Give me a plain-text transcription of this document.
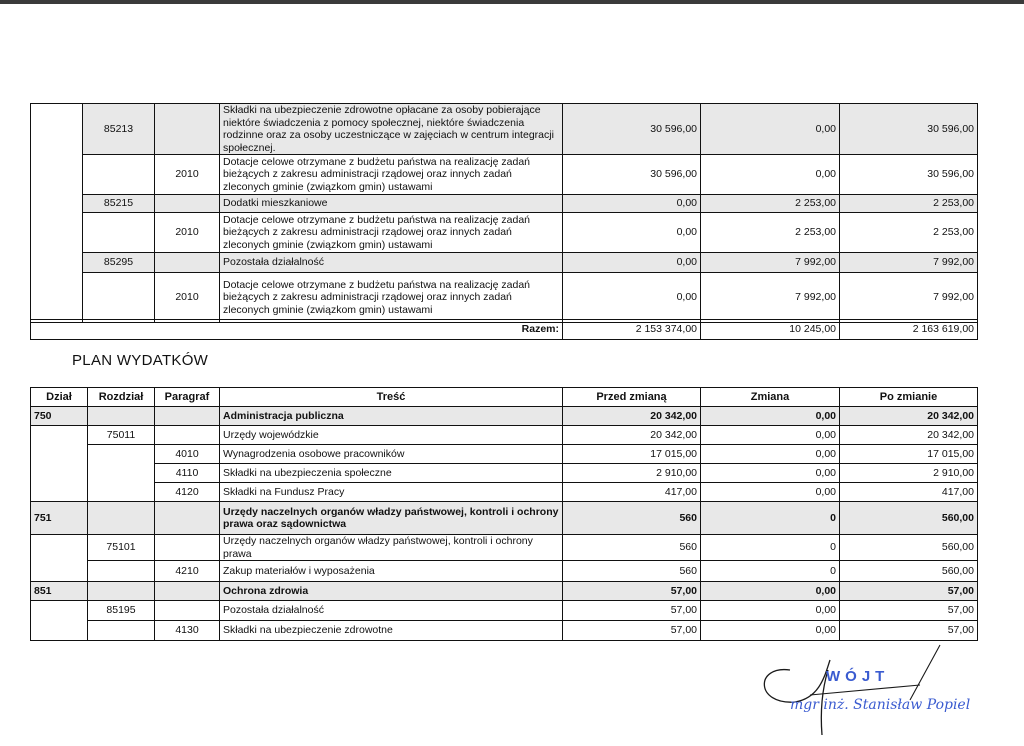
	85213		Składki na ubezpieczenie zdrowotne opłacane za osoby pobierające niektóre świadczenia z pomocy społecznej, niektóre świadczenia rodzinne oraz za osoby uczestniczące w zajęciach w centrum integracji społecznej.	30 596,00	0,00	30 596,00
		2010	Dotacje celowe otrzymane z budżetu państwa na realizację zadań bieżących z zakresu administracji rządowej oraz innych zadań zleconych gminie (związkom gmin) ustawami	30 596,00	0,00	30 596,00
	85215		Dodatki mieszkaniowe	0,00	2 253,00	2 253,00
		2010	Dotacje celowe otrzymane z budżetu państwa na realizację zadań bieżących z zakresu administracji rządowej oraz innych zadań zleconych gminie (związkom gmin) ustawami	0,00	2 253,00	2 253,00
	85295		Pozostała działalność	0,00	7 992,00	7 992,00
		2010	Dotacje celowe otrzymane z budżetu państwa na realizację zadań bieżących z zakresu administracji rządowej oraz innych zadań zleconych gminie (związkom gmin) ustawami	0,00	7 992,00	7 992,00
Razem:	2 153 374,00	10 245,00	2 163 619,00
PLAN WYDATKÓW
Dział	Rozdział	Paragraf	Treść	Przed zmianą	Zmiana	Po zmianie
750			Administracja publiczna	20 342,00	0,00	20 342,00
	75011		Urzędy wojewódzkie	20 342,00	0,00	20 342,00
		4010	Wynagrodzenia osobowe pracowników	17 015,00	0,00	17 015,00
		4110	Składki na ubezpieczenia społeczne	2 910,00	0,00	2 910,00
		4120	Składki na Fundusz Pracy	417,00	0,00	417,00
751			Urzędy naczelnych organów władzy państwowej, kontroli i ochrony prawa oraz sądownictwa	560	0	560,00
	75101		Urzędy naczelnych organów władzy państwowej, kontroli i ochrony prawa	560	0	560,00
		4210	Zakup materiałów i wyposażenia	560	0	560,00
851			Ochrona zdrowia	57,00	0,00	57,00
	85195		Pozostała działalność	57,00	0,00	57,00
		4130	Składki na ubezpieczenie zdrowotne	57,00	0,00	57,00
WÓJT
mgr inż. Stanisław Popiel
